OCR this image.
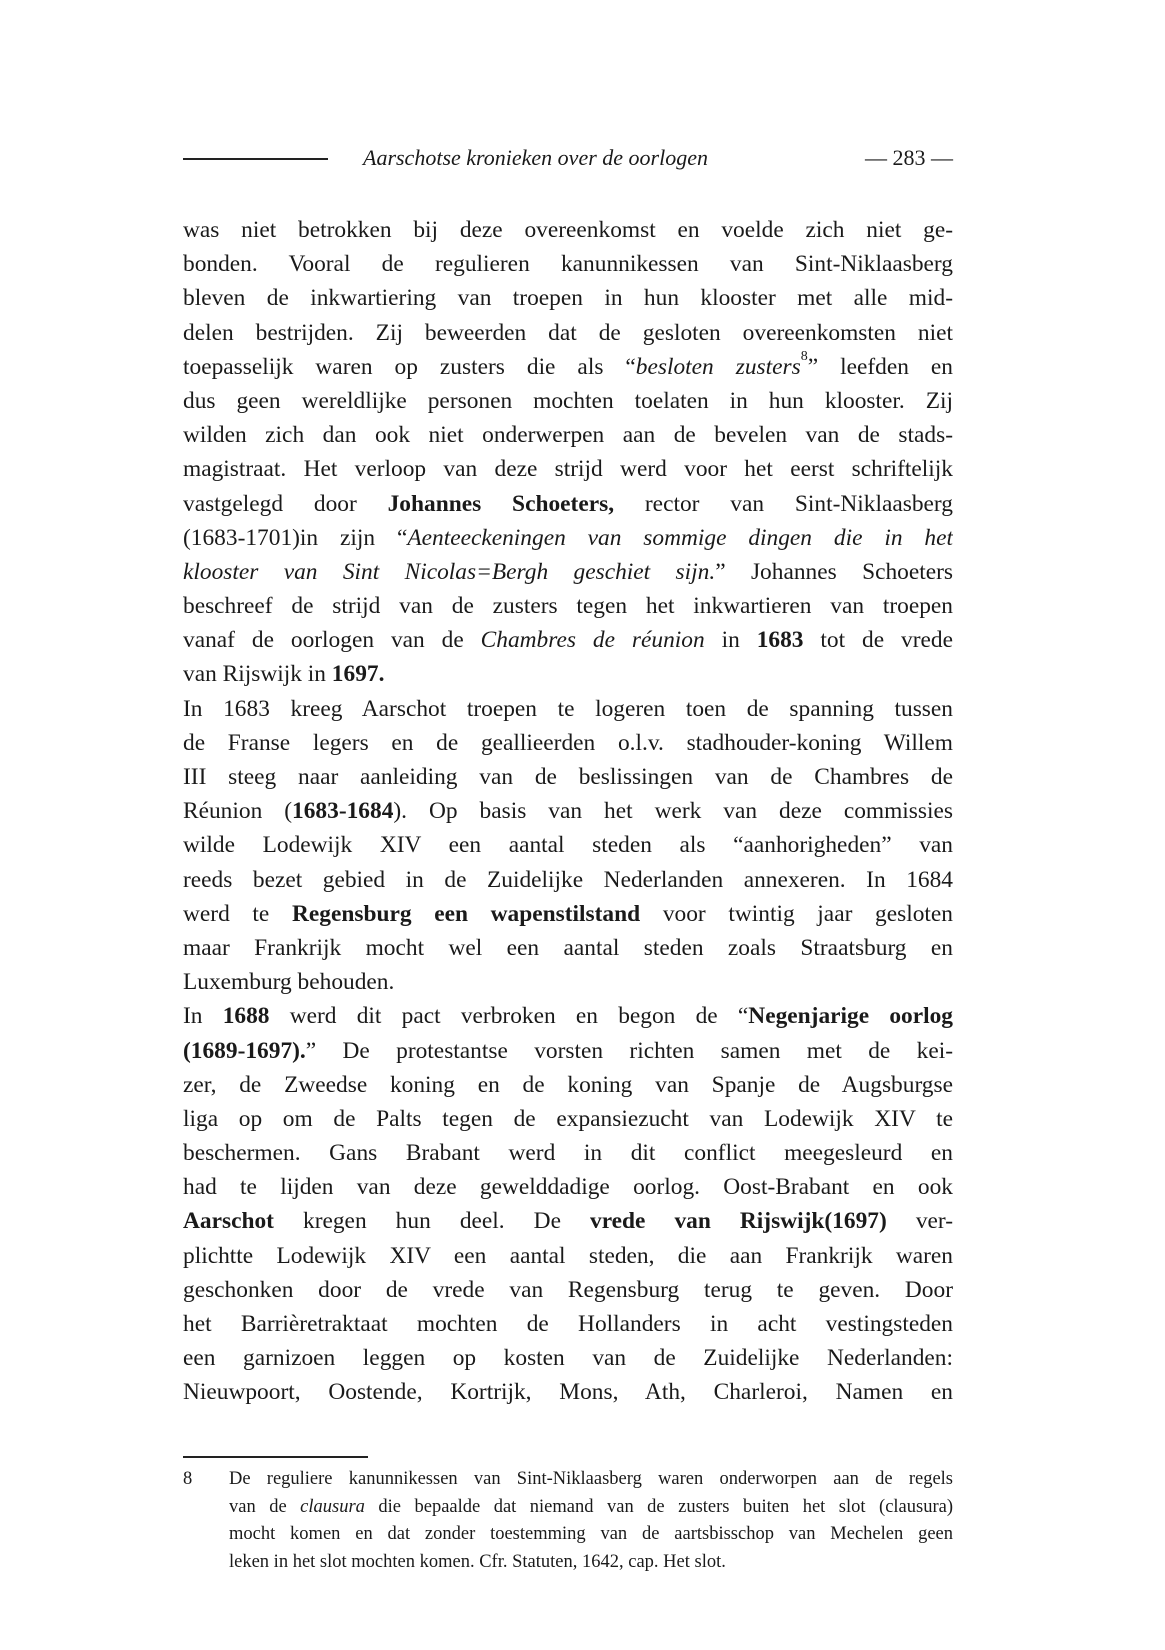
Aarschotse kronieken over de oorlogen	— 283 —
was niet betrokken bij deze overeenkomst en voelde zich niet ge-
bonden. Vooral de regulieren kanunnikessen van Sint-Niklaasberg
bleven de inkwartiering van troepen in hun klooster met alle mid-
delen bestrijden. Zij beweerden dat de gesloten overeenkomsten niet
toepasselijk waren op zusters die als “besloten zusters$^8$” leefden en
dus geen wereldlijke personen mochten toelaten in hun klooster. Zij
wilden zich dan ook niet onderwerpen aan de bevelen van de stads-
magistraat. Het verloop van deze strijd werd voor het eerst schriftelijk
vastgelegd door Johannes Schoeters, rector van Sint-Niklaasberg
(1683-1701)in zijn “Aenteeckeningen van sommige dingen die in het
klooster van Sint Nicolas=Bergh geschiet sijn.” Johannes Schoeters
beschreef de strijd van de zusters tegen het inkwartieren van troepen
vanaf de oorlogen van de Chambres de réunion in 1683 tot de vrede
van Rijswijk in 1697.
In 1683 kreeg Aarschot troepen te logeren toen de spanning tussen
de Franse legers en de geallieerden o.l.v. stadhouder-koning Willem
III steeg naar aanleiding van de beslissingen van de Chambres de
Réunion (1683-1684). Op basis van het werk van deze commissies
wilde Lodewijk XIV een aantal steden als “aanhorigheden” van
reeds bezet gebied in de Zuidelijke Nederlanden annexeren. In 1684
werd te Regensburg een wapenstilstand voor twintig jaar gesloten
maar Frankrijk mocht wel een aantal steden zoals Straatsburg en
Luxemburg behouden.
In 1688 werd dit pact verbroken en begon de “Negenjarige oorlog
(1689-1697).” De protestantse vorsten richten samen met de kei-
zer, de Zweedse koning en de koning van Spanje de Augsburgse
liga op om de Palts tegen de expansiezucht van Lodewijk XIV te
beschermen. Gans Brabant werd in dit conflict meegesleurd en
had te lijden van deze gewelddadige oorlog. Oost-Brabant en ook
Aarschot kregen hun deel. De vrede van Rijswijk(1697) ver-
plichtte Lodewijk XIV een aantal steden, die aan Frankrijk waren
geschonken door de vrede van Regensburg terug te geven. Door
het Barrièretraktaat mochten de Hollanders in acht vestingsteden
een garnizoen leggen op kosten van de Zuidelijke Nederlanden:
Nieuwpoort, Oostende, Kortrijk, Mons, Ath, Charleroi, Namen en
8 De reguliere kanunnikessen van Sint-Niklaasberg waren onderworpen aan de regels
van de clausura die bepaalde dat niemand van de zusters buiten het slot (clausura)
mocht komen en dat zonder toestemming van de aartsbisschop van Mechelen geen
leken in het slot mochten komen. Cfr. Statuten, 1642, cap. Het slot.
